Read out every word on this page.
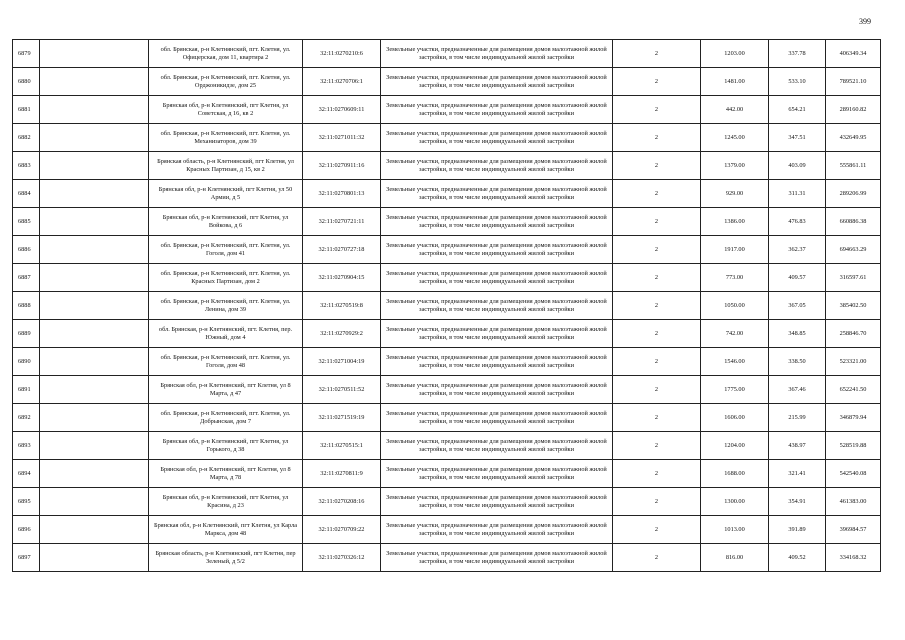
399
6879		обл. Брянская, р-н Клетнянский, пгт. Клетня, ул. Офицерская, дом 11, квартира 2	32:11:0270210:6	Земельные участки, предназначенные для размещения домов малоэтажной жилой застройки, в том числе индивидуальной жилой застройки	2	1203.00	337.78	406349.34
6880		обл. Брянская, р-н Клетнянский, пгт. Клетня, ул. Орджоникидзе, дом 25	32:11:0270706:1	Земельные участки, предназначенные для размещения домов малоэтажной жилой застройки, в том числе индивидуальной жилой застройки	2	1481.00	533.10	789521.10
6881		Брянская обл, р-н Клетнянский, пгт Клетня, ул Советская, д 16, кв 2	32:11:0270609:11	Земельные участки, предназначенные для размещения домов малоэтажной жилой застройки, в том числе индивидуальной жилой застройки	2	442.00	654.21	289160.82
6882		обл. Брянская, р-н Клетнянский, пгт. Клетня, ул. Механизаторов, дом 39	32:11:0271011:32	Земельные участки, предназначенные для размещения домов малоэтажной жилой застройки, в том числе индивидуальной жилой застройки	2	1245.00	347.51	432649.95
6883		Брянская область, р-н Клетнянский, пгт Клетня, ул Красных Партизан, д 15, кв 2	32:11:0270911:16	Земельные участки, предназначенные для размещения домов малоэтажной жилой застройки, в том числе индивидуальной жилой застройки	2	1379.00	403.09	555861.11
6884		Брянская обл, р-н Клетнянский, пгт Клетня, ул 50 Армии, д 5	32:11:0270801:13	Земельные участки, предназначенные для размещения домов малоэтажной жилой застройки, в том числе индивидуальной жилой застройки	2	929.00	311.31	289206.99
6885		Брянская обл, р-н Клетнянский, пгт Клетня, ул Войкова, д 6	32:11:0270721:11	Земельные участки, предназначенные для размещения домов малоэтажной жилой застройки, в том числе индивидуальной жилой застройки	2	1386.00	476.83	660886.38
6886		обл. Брянская, р-н Клетнянский, пгт. Клетня, ул. Гоголя, дом 41	32:11:0270727:18	Земельные участки, предназначенные для размещения домов малоэтажной жилой застройки, в том числе индивидуальной жилой застройки	2	1917.00	362.37	694663.29
6887		обл. Брянская, р-н Клетнянский, пгт. Клетня, ул. Красных Партизан, дом 2	32:11:0270904:15	Земельные участки, предназначенные для размещения домов малоэтажной жилой застройки, в том числе индивидуальной жилой застройки	2	773.00	409.57	316597.61
6888		обл. Брянская, р-н Клетнянский, пгт. Клетня, ул. Ленина, дом 39	32:11:0270519:8	Земельные участки, предназначенные для размещения домов малоэтажной жилой застройки, в том числе индивидуальной жилой застройки	2	1050.00	367.05	385402.50
6889		обл. Брянская, р-н Клетнянский, пгт. Клетня, пер. Южный, дом 4	32:11:0270929:2	Земельные участки, предназначенные для размещения домов малоэтажной жилой застройки, в том числе индивидуальной жилой застройки	2	742.00	348.85	258846.70
6890		обл. Брянская, р-н Клетнянский, пгт. Клетня, ул. Гоголя, дом 48	32:11:0271004:19	Земельные участки, предназначенные для размещения домов малоэтажной жилой застройки, в том числе индивидуальной жилой застройки	2	1546.00	338.50	523321.00
6891		Брянская обл, р-н Клетнянский, пгт Клетня, ул 8 Марта, д 47	32:11:0270511:52	Земельные участки, предназначенные для размещения домов малоэтажной жилой застройки, в том числе индивидуальной жилой застройки	2	1775.00	367.46	652241.50
6892		обл. Брянская, р-н Клетнянский, пгт. Клетня, ул. Добрынская, дом 7	32:11:0271519:19	Земельные участки, предназначенные для размещения домов малоэтажной жилой застройки, в том числе индивидуальной жилой застройки	2	1606.00	215.99	346879.94
6893		Брянская обл, р-н Клетнянский, пгт Клетня, ул Горького, д 38	32:11:0270515:1	Земельные участки, предназначенные для размещения домов малоэтажной жилой застройки, в том числе индивидуальной жилой застройки	2	1204.00	438.97	528519.88
6894		Брянская обл, р-н Клетнянский, пгт Клетня, ул 8 Марта, д 78	32:11:0270811:9	Земельные участки, предназначенные для размещения домов малоэтажной жилой застройки, в том числе индивидуальной жилой застройки	2	1688.00	321.41	542540.08
6895		Брянская обл, р-н Клетнянский, пгт Клетня, ул Красина, д 23	32:11:0270208:16	Земельные участки, предназначенные для размещения домов малоэтажной жилой застройки, в том числе индивидуальной жилой застройки	2	1300.00	354.91	461383.00
6896		Брянская обл, р-н Клетнянский, пгт Клетня, ул Карла Маркса, дом 48	32:11:0270709:22	Земельные участки, предназначенные для размещения домов малоэтажной жилой застройки, в том числе индивидуальной жилой застройки	2	1013.00	391.89	396984.57
6897		Брянская область, р-н Клетнянский, пгт Клетня, пер Зеленый, д 5/2	32:11:0270326:12	Земельные участки, предназначенные для размещения домов малоэтажной жилой застройки, в том числе индивидуальной жилой застройки	2	816.00	409.52	334168.32
